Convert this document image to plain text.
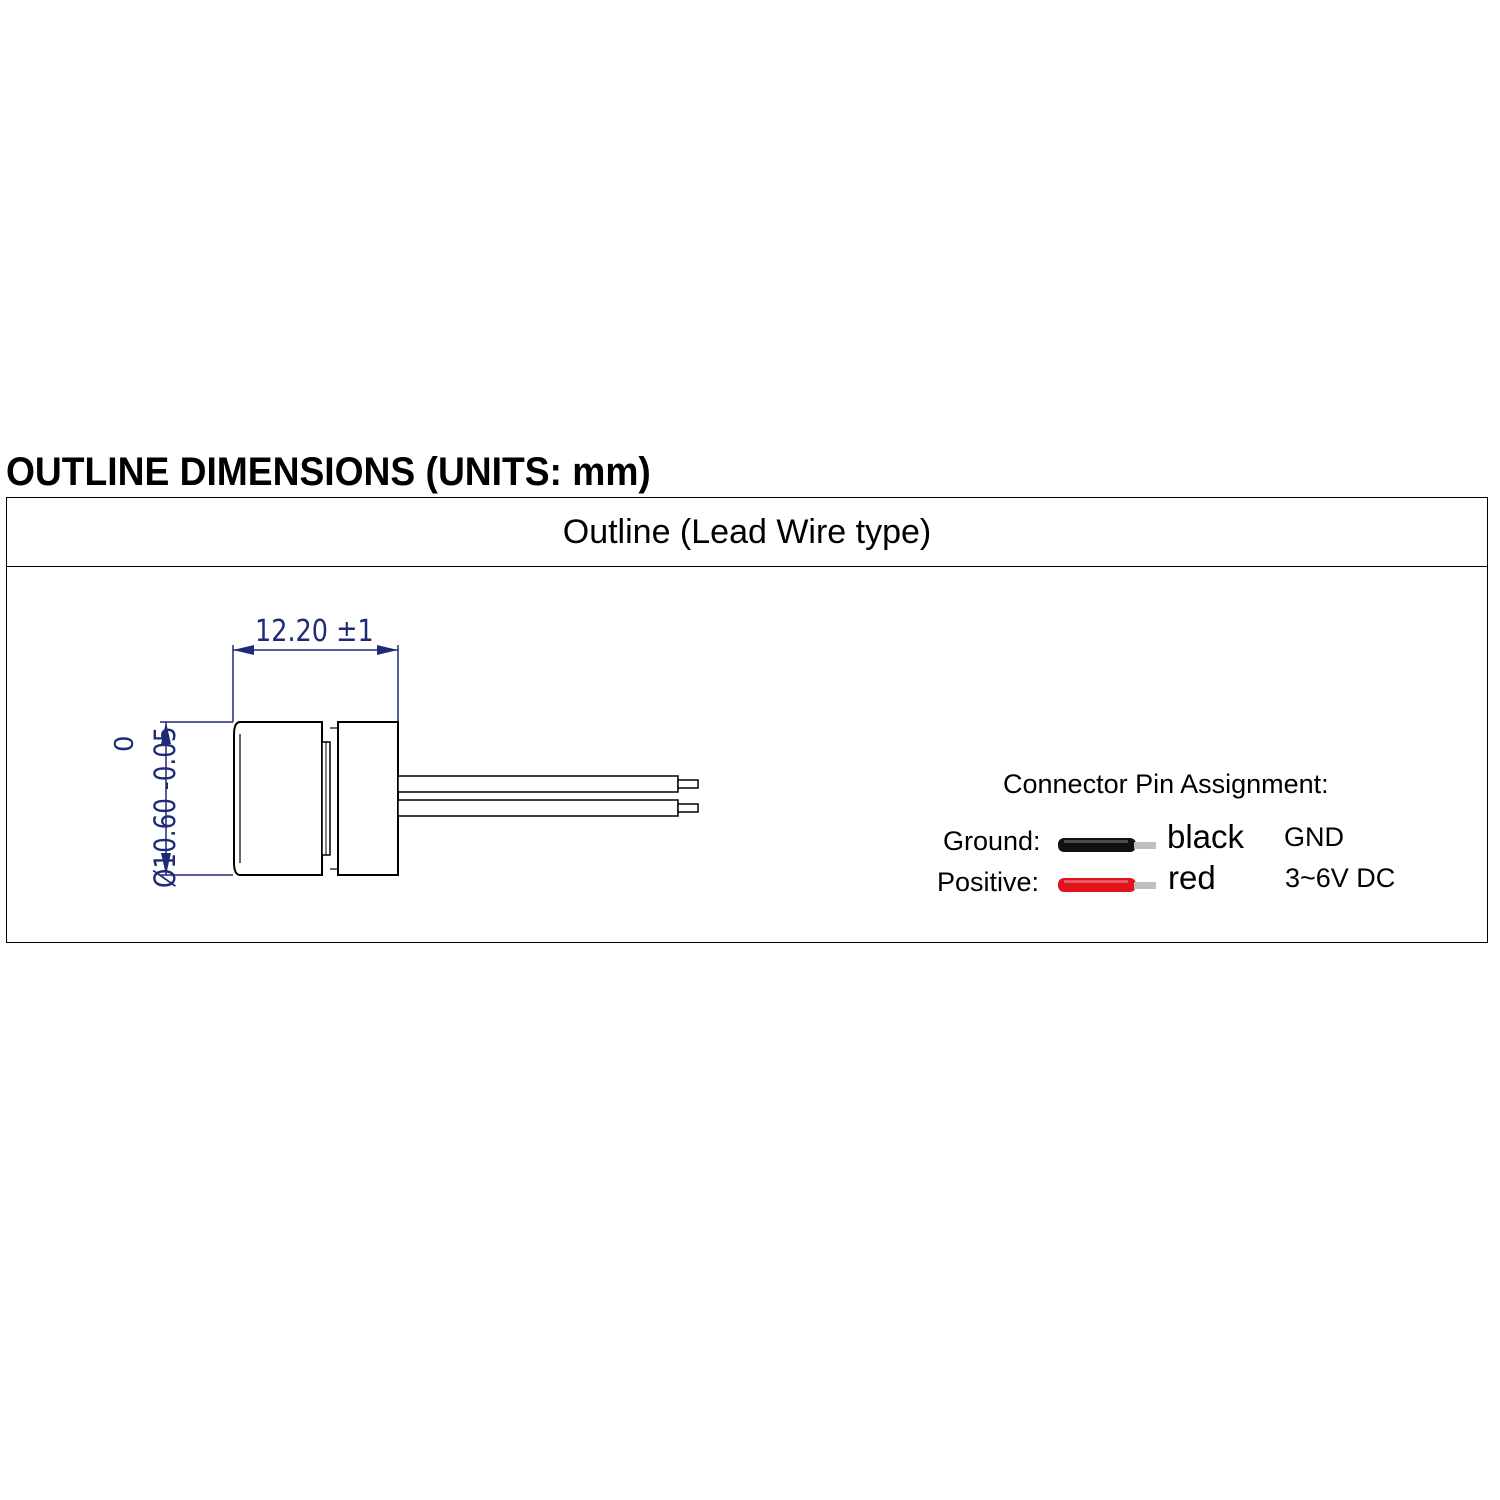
OUTLINE DIMENSIONS (UNITS: mm)
Outline (Lead Wire type)
12.20 ±1
Ø10.60 -0.05
0
Connector Pin Assignment:
Ground:	black GND
Positive:	red	3~6V DC
